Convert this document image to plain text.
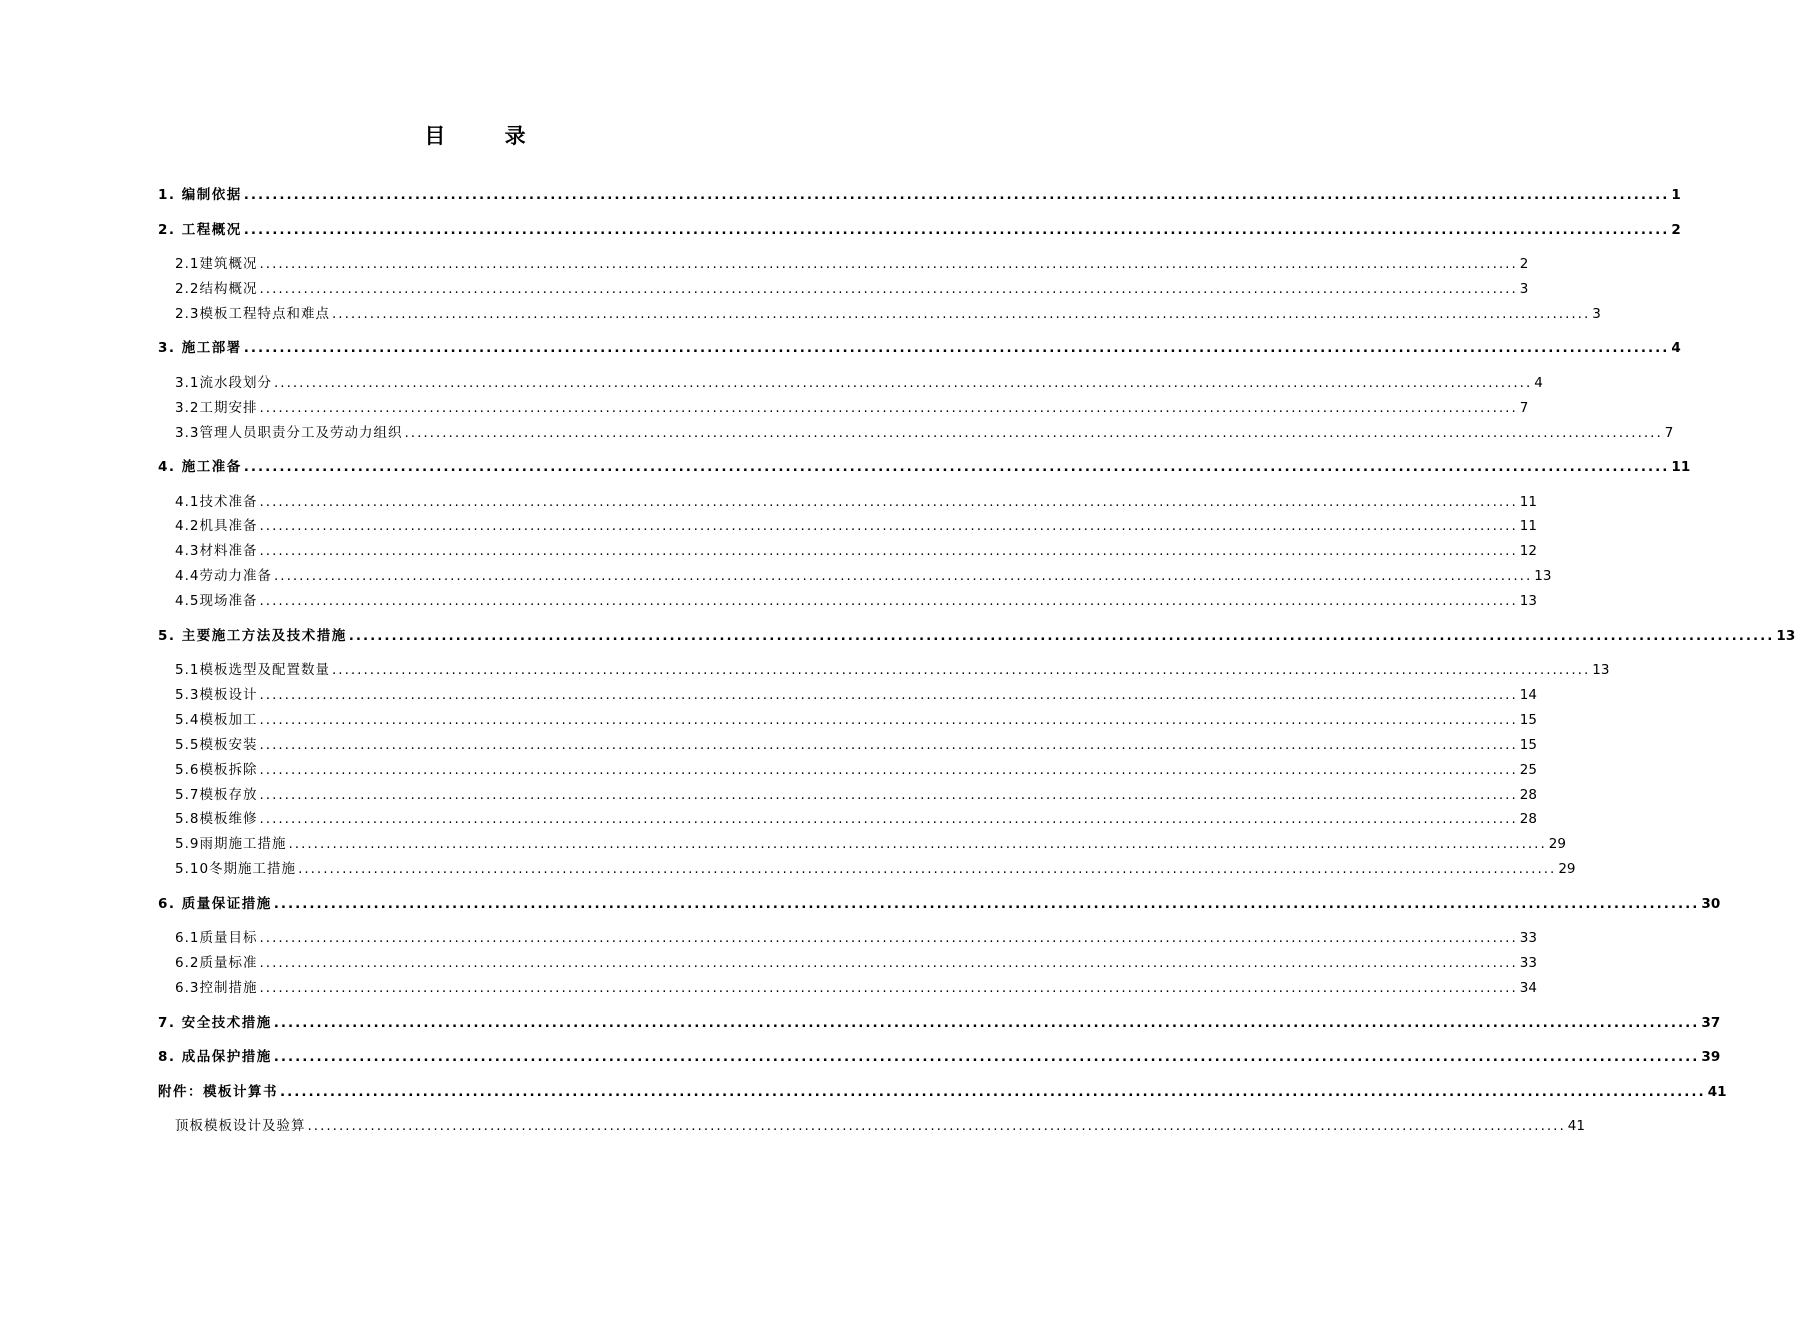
目 录
1. 编制依据 ........................................................................................................................................................................................................ 1
2. 工程概况 ........................................................................................................................................................................................................ 2
2.1建筑概况 ........................................................................................................................................................................................................ 2
2.2结构概况 ........................................................................................................................................................................................................ 3
2.3模板工程特点和难点 ........................................................................................................................................................................................................ 3
3. 施工部署 ........................................................................................................................................................................................................ 4
3.1流水段划分 ........................................................................................................................................................................................................ 4
3.2工期安排 ........................................................................................................................................................................................................ 7
3.3管理人员职责分工及劳动力组织 ........................................................................................................................................................................................................ 7
4. 施工准备 ........................................................................................................................................................................................................ 11
4.1技术准备 ........................................................................................................................................................................................................ 11
4.2机具准备 ........................................................................................................................................................................................................ 11
4.3材料准备 ........................................................................................................................................................................................................ 12
4.4劳动力准备 ........................................................................................................................................................................................................ 13
4.5现场准备 ........................................................................................................................................................................................................ 13
5. 主要施工方法及技术措施 ........................................................................................................................................................................................................ 13
5.1模板选型及配置数量 ........................................................................................................................................................................................................ 13
5.3模板设计 ........................................................................................................................................................................................................ 14
5.4模板加工 ........................................................................................................................................................................................................ 15
5.5模板安装 ........................................................................................................................................................................................................ 15
5.6模板拆除 ........................................................................................................................................................................................................ 25
5.7模板存放 ........................................................................................................................................................................................................ 28
5.8模板维修 ........................................................................................................................................................................................................ 28
5.9雨期施工措施 ........................................................................................................................................................................................................ 29
5.10冬期施工措施 ........................................................................................................................................................................................................ 29
6. 质量保证措施 ........................................................................................................................................................................................................ 30
6.1质量目标 ........................................................................................................................................................................................................ 33
6.2质量标准 ........................................................................................................................................................................................................ 33
6.3控制措施 ........................................................................................................................................................................................................ 34
7. 安全技术措施 ........................................................................................................................................................................................................ 37
8. 成品保护措施 ........................................................................................................................................................................................................ 39
附件：模板计算书 ........................................................................................................................................................................................................ 41
顶板模板设计及验算 ........................................................................................................................................................................................................ 41
